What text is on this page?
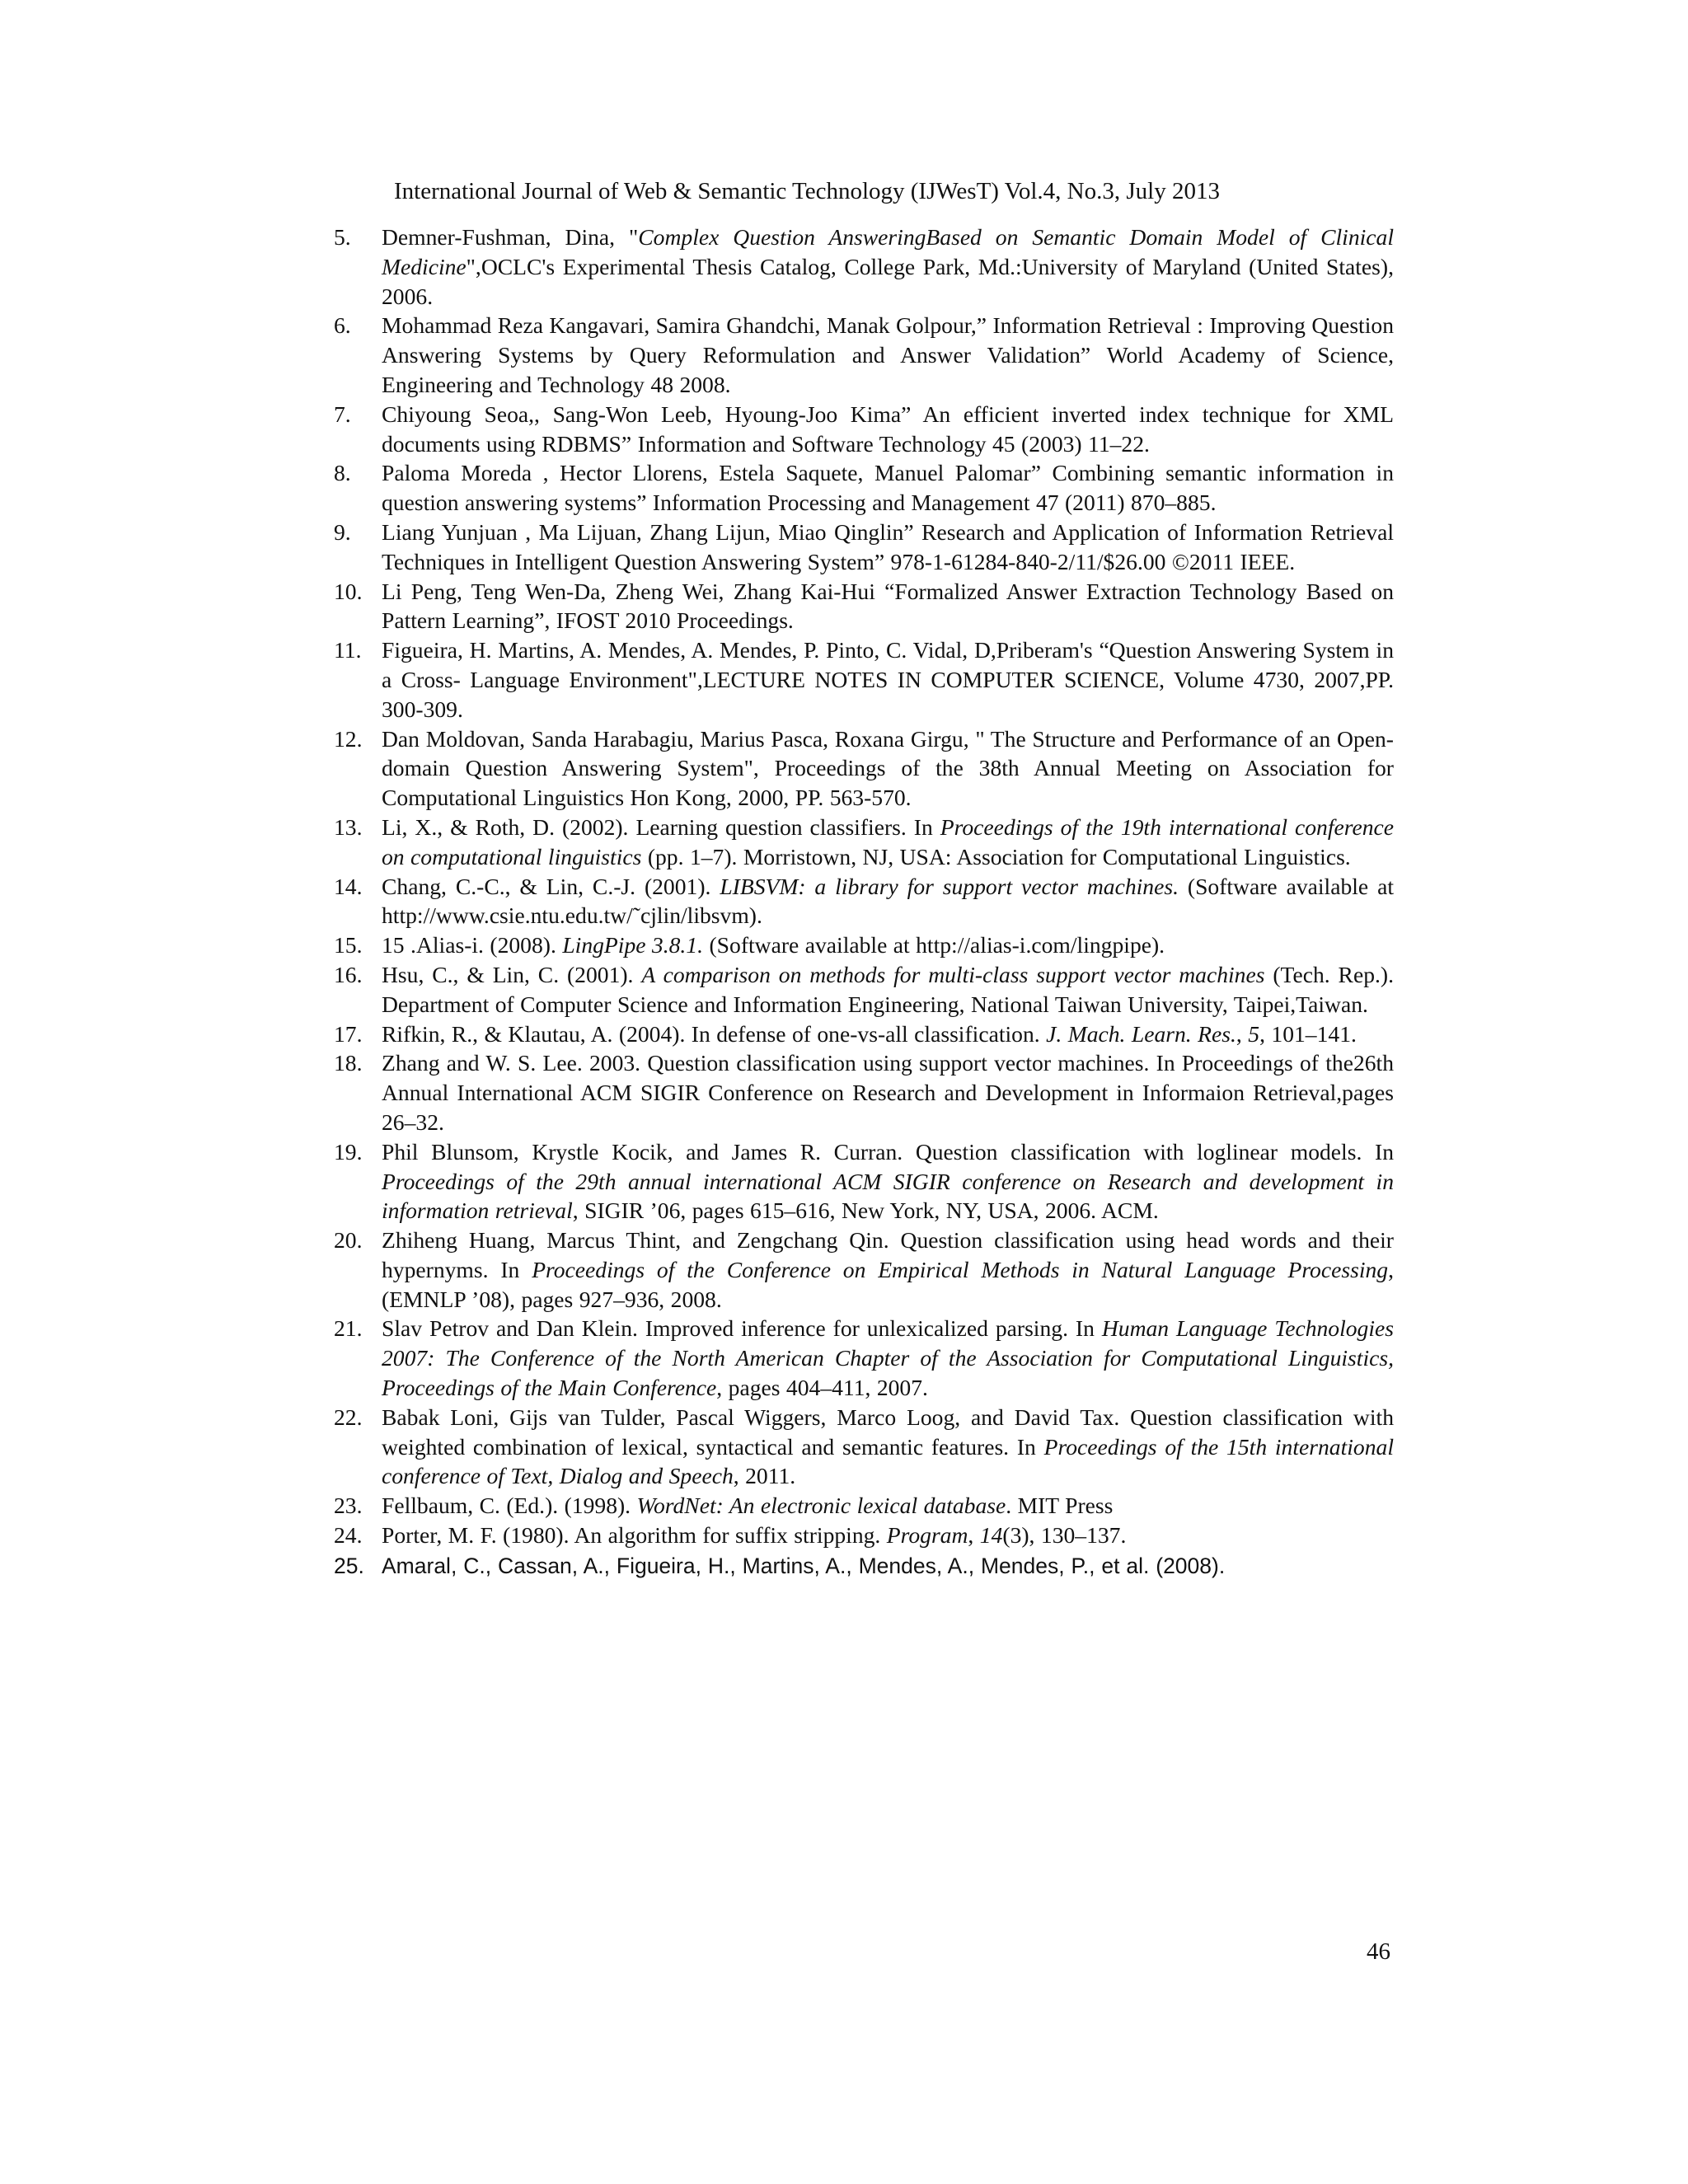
International Journal of Web & Semantic Technology (IJWesT) Vol.4, No.3, July 2013
5.	Demner-Fushman, Dina, "Complex Question AnsweringBased on Semantic Domain Model of Clinical Medicine",OCLC's Experimental Thesis Catalog, College Park, Md.:University of Maryland (United States), 2006.
6.	Mohammad Reza Kangavari, Samira Ghandchi, Manak Golpour,” Information Retrieval : Improving Question Answering Systems by Query Reformulation and Answer Validation” World Academy of Science, Engineering and Technology 48 2008.
7.	Chiyoung Seoa,, Sang-Won Leeb, Hyoung-Joo Kima” An efficient inverted index technique for XML documents using RDBMS” Information and Software Technology 45 (2003) 11–22.
8.	Paloma Moreda , Hector Llorens, Estela Saquete, Manuel Palomar” Combining semantic information in question answering systems” Information Processing and Management 47 (2011) 870–885.
9.	Liang Yunjuan , Ma Lijuan, Zhang Lijun, Miao Qinglin” Research and Application of Information Retrieval Techniques in Intelligent Question Answering System” 978-1-61284-840-2/11/$26.00 ©2011 IEEE.
10. Li Peng, Teng Wen-Da, Zheng Wei, Zhang Kai-Hui “Formalized Answer Extraction Technology Based on Pattern Learning”, IFOST 2010 Proceedings.
11. Figueira, H. Martins, A. Mendes, A. Mendes, P. Pinto, C. Vidal, D,Priberam's “Question Answering System in a Cross- Language Environment",LECTURE NOTES IN COMPUTER SCIENCE, Volume 4730, 2007,PP. 300-309.
12. Dan Moldovan, Sanda Harabagiu, Marius Pasca, Roxana Girgu, " The Structure and Performance of an Open-domain Question Answering System", Proceedings of the 38th Annual Meeting on Association for Computational Linguistics Hon Kong, 2000, PP. 563-570.
13. Li, X., & Roth, D. (2002). Learning question classifiers. In Proceedings of the 19th international conference on computational linguistics (pp. 1–7). Morristown, NJ, USA: Association for Computational Linguistics.
14. Chang, C.-C., & Lin, C.-J. (2001). LIBSVM: a library for support vector machines. (Software available at http://www.csie.ntu.edu.tw/˜cjlin/libsvm).
15. 15 .Alias-i. (2008). LingPipe 3.8.1. (Software available at http://alias-i.com/lingpipe).
16. Hsu, C., & Lin, C. (2001). A comparison on methods for multi-class support vector machines (Tech. Rep.). Department of Computer Science and Information Engineering, National Taiwan University, Taipei,Taiwan.
17. Rifkin, R., & Klautau, A. (2004). In defense of one-vs-all classification. J. Mach. Learn. Res., 5, 101–141.
18. Zhang and W. S. Lee. 2003. Question classification using support vector machines. In Proceedings of the26th Annual International ACM SIGIR Conference on Research and Development in Informaion Retrieval,pages 26–32.
19. Phil Blunsom, Krystle Kocik, and James R. Curran. Question classification with loglinear models. In Proceedings of the 29th annual international ACM SIGIR conference on Research and development in information retrieval, SIGIR ’06, pages 615–616, New York, NY, USA, 2006. ACM.
20. Zhiheng Huang, Marcus Thint, and Zengchang Qin. Question classification using head words and their hypernyms. In Proceedings of the Conference on Empirical Methods in Natural Language Processing, (EMNLP ’08), pages 927–936, 2008.
21. Slav Petrov and Dan Klein. Improved inference for unlexicalized parsing. In Human Language Technologies 2007: The Conference of the North American Chapter of the Association for Computational Linguistics, Proceedings of the Main Conference, pages 404–411, 2007.
22. Babak Loni, Gijs van Tulder, Pascal Wiggers, Marco Loog, and David Tax. Question classification with weighted combination of lexical, syntactical and semantic features. In Proceedings of the 15th international conference of Text, Dialog and Speech, 2011.
23. Fellbaum, C. (Ed.). (1998). WordNet: An electronic lexical database. MIT Press
24. Porter, M. F. (1980). An algorithm for suffix stripping. Program, 14(3), 130–137.
25. Amaral, C., Cassan, A., Figueira, H., Martins, A., Mendes, A., Mendes, P., et al. (2008).
46
